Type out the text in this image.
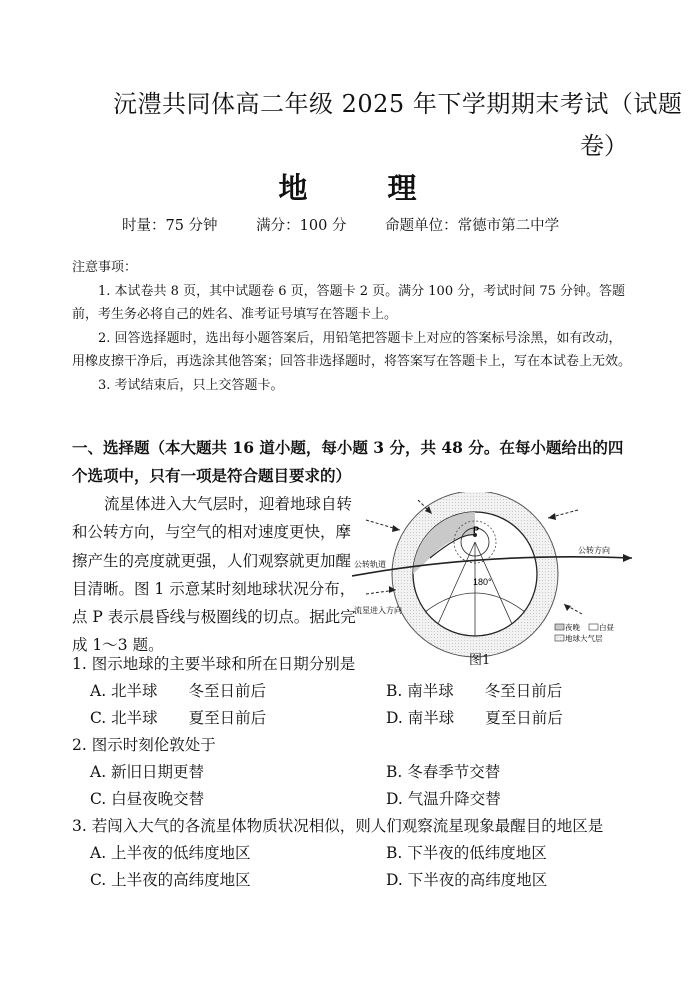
沅澧共同体高二年级 2025 年下学期期末考试（试题
卷）
地理
时量：75 分钟	满分：100 分	命题单位：常德市第二中学

注意事项：

1. 本试卷共 8 页，其中试题卷 6 页，答题卡 2 页。满分 100 分，考试时间 75 分钟。答题前，考生务必将自己的姓名、准考证号填写在答题卡上。

2. 回答选择题时，选出每小题答案后，用铅笔把答题卡上对应的答案标号涂黑，如有改动，用橡皮擦干净后，再选涂其他答案；回答非选择题时，将答案写在答题卡上，写在本试卷上无效。

3. 考试结束后，只上交答题卡。

一、选择题（本大题共 16 道小题，每小题 3 分，共 48 分。在每小题给出的四个选项中，只有一项是符合题目要求的）
流星体进入大气层时，迎着地球自转和公转方向，与空气的相对速度更快，摩擦产生的亮度就更强，人们观察就更加醒目清晰。图 1 示意某时刻地球状况分布，点 P 表示晨昏线与极圈线的切点。据此完成 1～3 题。
P
180°
公转轨道
公转方向
流星进入方向
夜晚	白昼
地球大气层
图1
1. 图示地球的主要半球和所在日期分别是
A. 北半球　　冬至日前后	B. 南半球　　冬至日前后
C. 北半球　　夏至日前后	D. 南半球　　夏至日前后
2. 图示时刻伦敦处于
A. 新旧日期更替	B. 冬春季节交替
C. 白昼夜晚交替	D. 气温升降交替
3. 若闯入大气的各流星体物质状况相似，则人们观察流星现象最醒目的地区是
A. 上半夜的低纬度地区	B. 下半夜的低纬度地区
C. 上半夜的高纬度地区	D. 下半夜的高纬度地区
